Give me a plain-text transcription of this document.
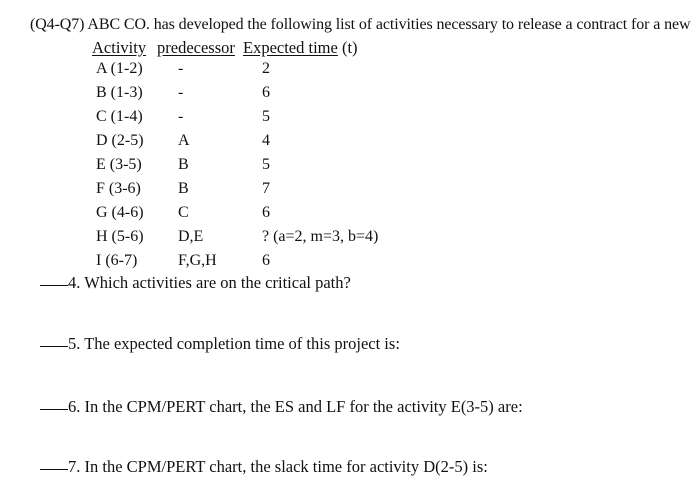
(Q4-Q7) ABC CO. has developed the following list of activities necessary to release a contract for a new
Activity predecessor Expected time (t)
A (1-2) -	2
B (1-3) -	6
C (1-4) -	5
D (2-5) A	4
E (3-5) B	5
F (3-6) B	7
G (4-6) C	6
H (5-6) D,E	? (a=2, m=3, b=4)
I (6-7)	F,G,H	6
4. Which activities are on the critical path?
5. The expected completion time of this project is:
6. In the CPM/PERT chart, the ES and LF for the activity E(3-5) are:
7. In the CPM/PERT chart, the slack time for activity D(2-5) is:
